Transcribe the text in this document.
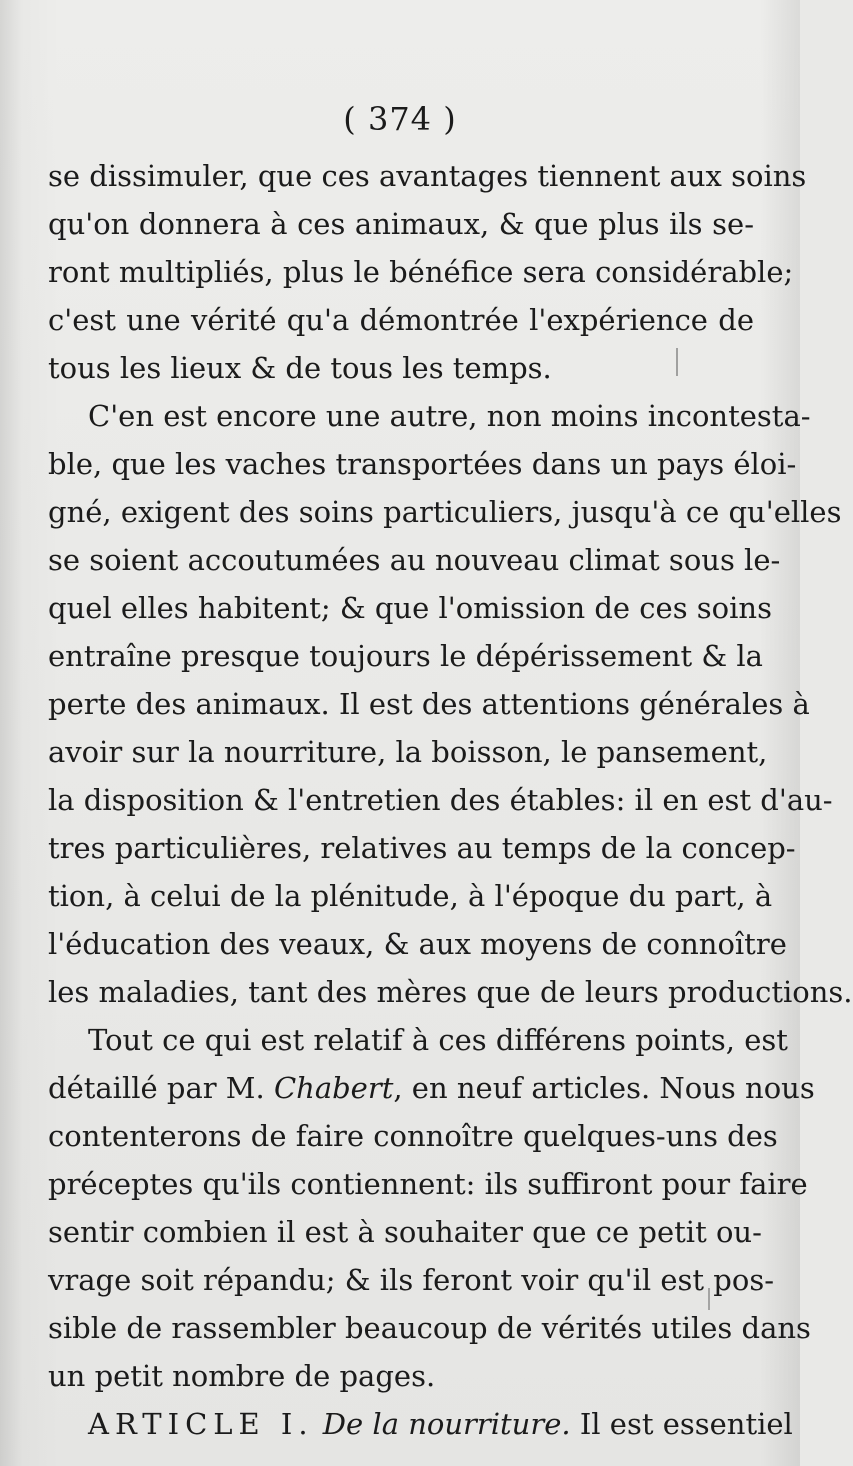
( 374 )
se dissimuler, que ces avantages tiennent aux soins
qu'on donnera à ces animaux, & que plus ils se-
ront multipliés, plus le bénéfice sera considérable;
c'est une vérité qu'a démontrée l'expérience de
tous les lieux & de tous les temps.
C'en est encore une autre, non moins incontesta-
ble, que les vaches transportées dans un pays éloi-
gné, exigent des soins particuliers, jusqu'à ce qu'elles
se soient accoutumées au nouveau climat sous le-
quel elles habitent; & que l'omission de ces soins
entraîne presque toujours le dépérissement & la
perte des animaux. Il est des attentions générales à
avoir sur la nourriture, la boisson, le pansement,
la disposition & l'entretien des étables: il en est d'au-
tres particulières, relatives au temps de la concep-
tion, à celui de la plénitude, à l'époque du part, à
l'éducation des veaux, & aux moyens de connoître
les maladies, tant des mères que de leurs productions.
Tout ce qui est relatif à ces différens points, est
détaillé par M. Chabert, en neuf articles. Nous nous
contenterons de faire connoître quelques-uns des
préceptes qu'ils contiennent: ils suffiront pour faire
sentir combien il est à souhaiter que ce petit ou-
vrage soit répandu; & ils feront voir qu'il est pos-
sible de rassembler beaucoup de vérités utiles dans
un petit nombre de pages.
ARTICLE I. De la nourriture. Il est essentiel
